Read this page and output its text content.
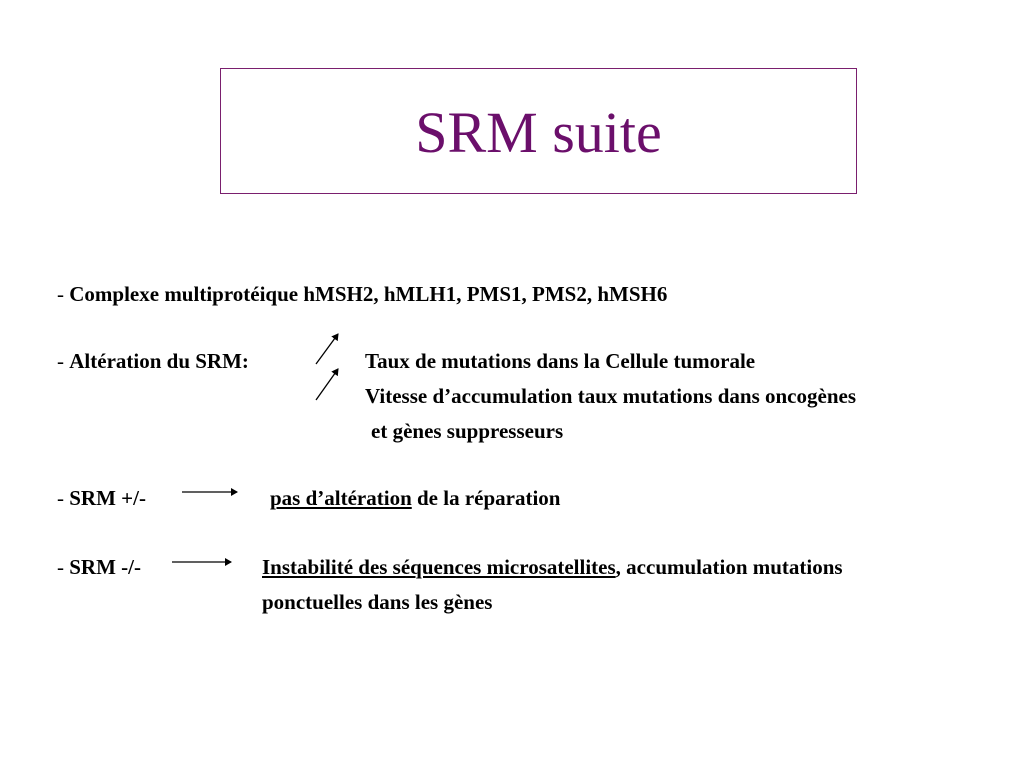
SRM suite
- Complexe multiprotéique hMSH2, hMLH1, PMS1, PMS2, hMSH6
- Altération du SRM:	Taux de mutations dans la Cellule tumorale
Vitesse d’accumulation taux mutations dans oncogènes
et gènes suppresseurs
- SRM +/-	pas d’altération de la réparation
- SRM -/-	Instabilité des séquences microsatellites, accumulation mutations
ponctuelles dans les gènes
